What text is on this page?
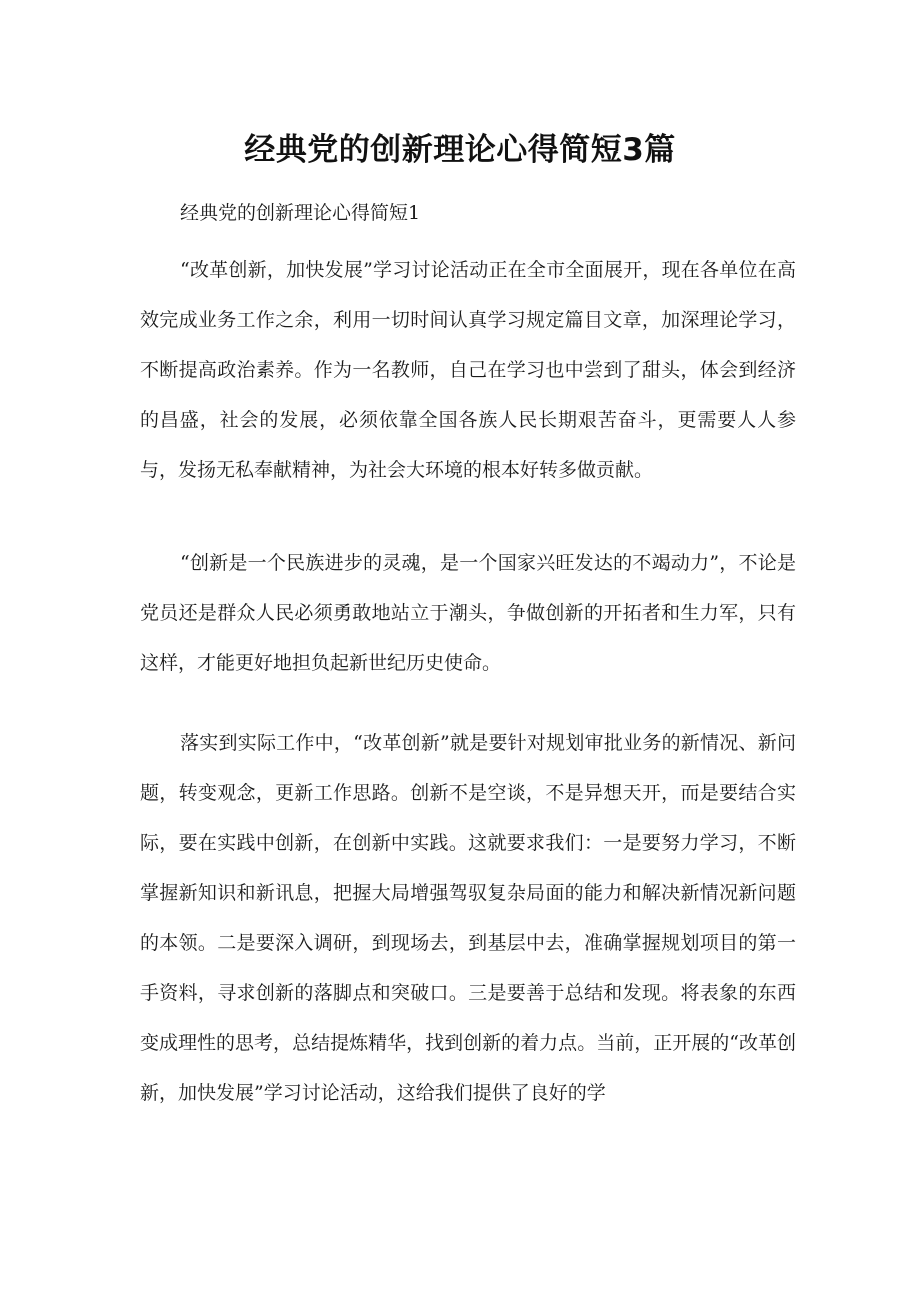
经典党的创新理论心得简短3篇

经典党的创新理论心得简短1

“改革创新，加快发展”学习讨论活动正在全市全面展开，现在各单位在高效完成业务工作之余，利用一切时间认真学习规定篇目文章，加深理论学习，不断提高政治素养。作为一名教师，自己在学习也中尝到了甜头，体会到经济的昌盛，社会的发展，必须依靠全国各族人民长期艰苦奋斗，更需要人人参与，发扬无私奉献精神，为社会大环境的根本好转多做贡献。

“创新是一个民族进步的灵魂，是一个国家兴旺发达的不竭动力”，不论是党员还是群众人民必须勇敢地站立于潮头，争做创新的开拓者和生力军，只有这样，才能更好地担负起新世纪历史使命。

落实到实际工作中，“改革创新”就是要针对规划审批业务的新情况、新问题，转变观念，更新工作思路。创新不是空谈，不是异想天开，而是要结合实际，要在实践中创新，在创新中实践。这就要求我们：一是要努力学习，不断掌握新知识和新讯息，把握大局增强驾驭复杂局面的能力和解决新情况新问题的本领。二是要深入调研，到现场去，到基层中去，准确掌握规划项目的第一手资料，寻求创新的落脚点和突破口。三是要善于总结和发现。将表象的东西变成理性的思考，总结提炼精华，找到创新的着力点。当前，正开展的“改革创新，加快发展”学习讨论活动，这给我们提供了良好的学
